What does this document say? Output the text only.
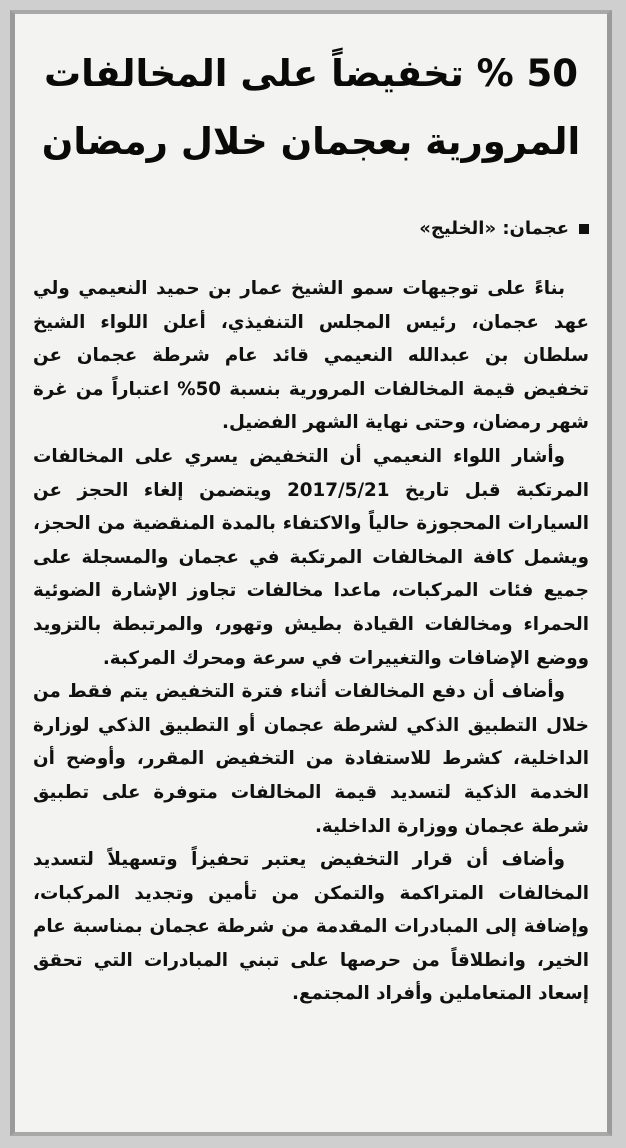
50 % تخفيضاً على المخالفات
المرورية بعجمان خلال رمضان
عجمان: «الخليج»

بناءً على توجيهات سمو الشيخ عمار بن حميد النعيمي ولي عهد عجمان، رئيس المجلس التنفيذي، أعلن اللواء الشيخ سلطان بن عبدالله النعيمي قائد عام شرطة عجمان عن تخفيض قيمة المخالفات المرورية بنسبة 50% اعتباراً من غرة شهر رمضان، وحتى نهاية الشهر الفضيل.

وأشار اللواء النعيمي أن التخفيض يسري على المخالفات المرتكبة قبل تاريخ 2017/5/21 ويتضمن إلغاء الحجز عن السيارات المحجوزة حالياً والاكتفاء بالمدة المنقضية من الحجز، ويشمل كافة المخالفات المرتكبة في عجمان والمسجلة على جميع فئات المركبات، ماعدا مخالفات تجاوز الإشارة الضوئية الحمراء ومخالفات القيادة بطيش وتهور، والمرتبطة بالتزويد ووضع الإضافات والتغييرات في سرعة ومحرك المركبة.

وأضاف أن دفع المخالفات أثناء فترة التخفيض يتم فقط من خلال التطبيق الذكي لشرطة عجمان أو التطبيق الذكي لوزارة الداخلية، كشرط للاستفادة من التخفيض المقرر، وأوضح أن الخدمة الذكية لتسديد قيمة المخالفات متوفرة على تطبيق شرطة عجمان ووزارة الداخلية.

وأضاف أن قرار التخفيض يعتبر تحفيزاً وتسهيلاً لتسديد المخالفات المتراكمة والتمكن من تأمين وتجديد المركبات، وإضافة إلى المبادرات المقدمة من شرطة عجمان بمناسبة عام الخير، وانطلاقاً من حرصها على تبني المبادرات التي تحقق إسعاد المتعاملين وأفراد المجتمع.
